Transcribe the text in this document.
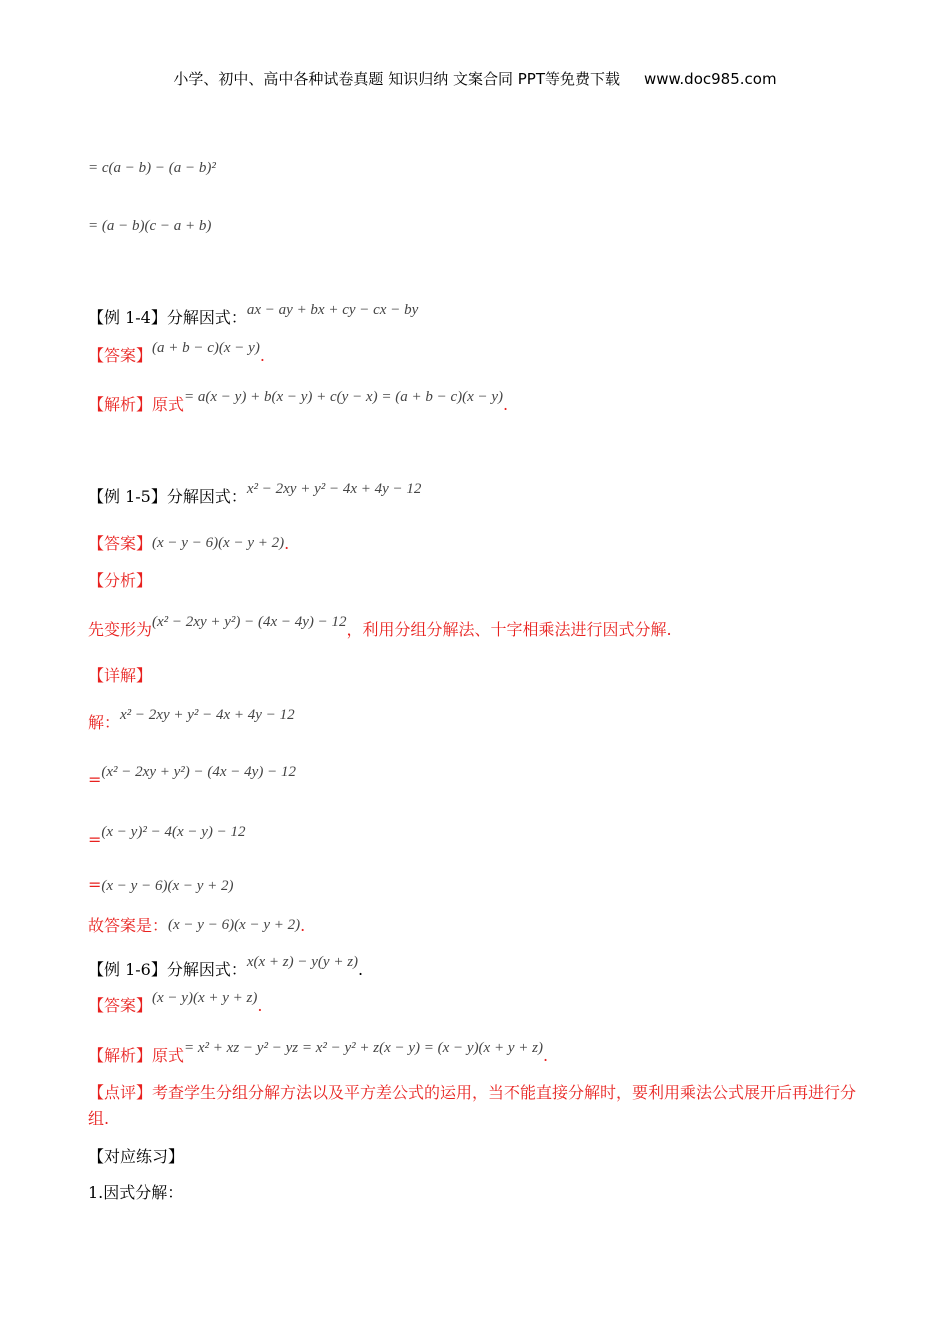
小学、初中、高中各种试卷真题 知识归纳 文案合同 PPT等免费下载 www.doc985.com
= c(a − b) − (a − b)²
= (a − b)(c − a + b)
【例 1-4】分解因式：ax − ay + bx + cy − cx − by
【答案】(a + b − c)(x − y).
【解析】原式= a(x − y) + b(x − y) + c(y − x) = (a + b − c)(x − y).
【例 1-5】分解因式：x² − 2xy + y² − 4x + 4y − 12
【答案】(x − y − 6)(x − y + 2).
【分析】
先变形为(x² − 2xy + y²) − (4x − 4y) − 12，利用分组分解法、十字相乘法进行因式分解.
【详解】
解：x² − 2xy + y² − 4x + 4y − 12
=(x² − 2xy + y²) − (4x − 4y) − 12
=(x − y)² − 4(x − y) − 12
=(x − y − 6)(x − y + 2)
故答案是：(x − y − 6)(x − y + 2).
【例 1-6】分解因式：x(x + z) − y(y + z).
【答案】(x − y)(x + y + z).
【解析】原式= x² + xz − y² − yz = x² − y² + z(x − y) = (x − y)(x + y + z).
【点评】考查学生分组分解方法以及平方差公式的运用，当不能直接分解时，要利用乘法公式展开后再进行分组.
【对应练习】
1.因式分解：
